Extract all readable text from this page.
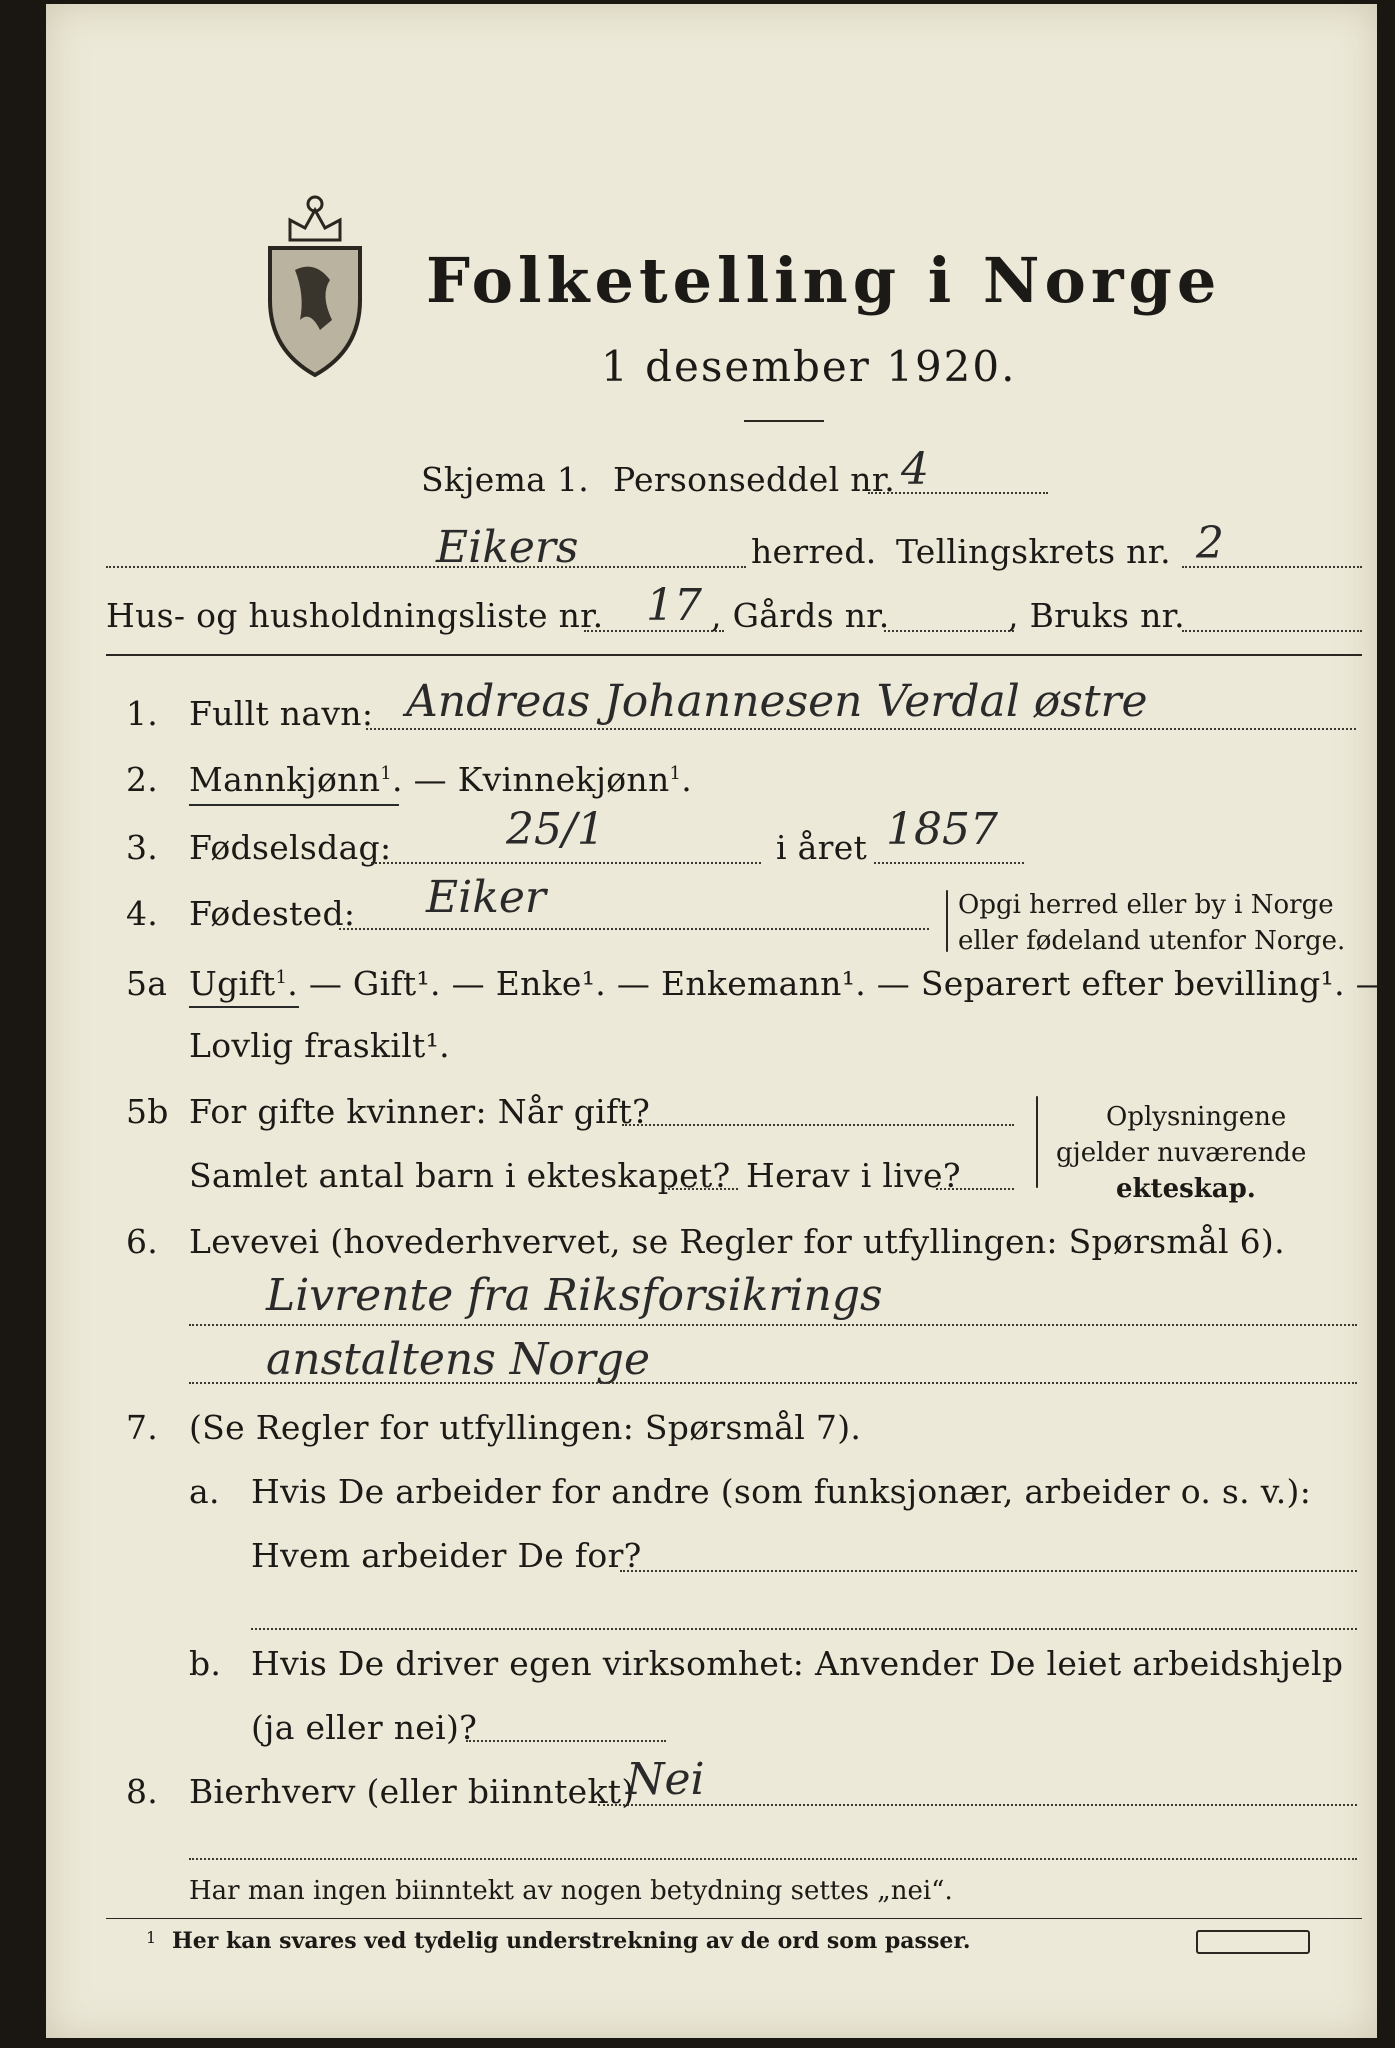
Folketelling i Norge
1 desember 1920.
Skjema 1. Personseddel nr. 4
Eikers	herred. Tellingskrets nr. 2
Hus- og husholdningsliste nr. 17 , Gårds nr.	, Bruks nr.
1. Fullt navn: Andreas Johannesen Verdal østre
2. Mannkjønn$^1$. — Kvinnekjønn$^1$.
3. Fødselsdag:	25/1	i året 1857
4. Fødested: Eiker	Opgi herred eller by i Norge
eller fødeland utenfor Norge.
5a Ugift$^1$. — Gift¹. — Enke¹. — Enkemann¹. — Separert efter bevilling¹. —
Lovlig fraskilt¹.
5b For gifte kvinner: Når gift?
Samlet antal barn i ekteskapet? Herav i live?
Oplysningene
gjelder nuværende
ekteskap.
6. Levevei (hovederhvervet, se Regler for utfyllingen: Spørsmål 6).
Livrente fra Riksforsikrings
anstaltens Norge
7. (Se Regler for utfyllingen: Spørsmål 7).
a. Hvis De arbeider for andre (som funksjonær, arbeider o. s. v.):
Hvem arbeider De for?
b. Hvis De driver egen virksomhet: Anvender De leiet arbeidshjelp
(ja eller nei)?
8. Bierhverv (eller biinntekt)
Nei
Har man ingen biinntekt av nogen betydning settes „nei“.
1 Her kan svares ved tydelig understrekning av de ord som passer.
